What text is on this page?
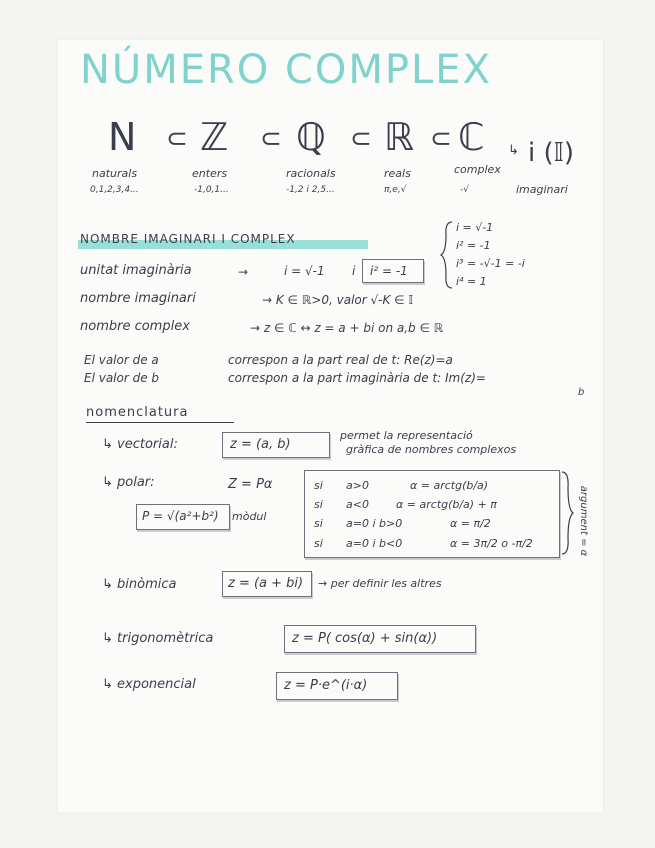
NÚMERO COMPLEX
N ⊂ ℤ ⊂ ℚ ⊂ ℝ ⊂ ℂ ↳ i (𝕀)
naturals	enters	racionals	reals	complex
imaginari
0,1,2,3,4...	-1,0,1...	-1,2 i 2,5...	π,e,√	-√
NOMBRE IMAGINARI I COMPLEX
i = √-1
i² = -1
i³ = -√-1 = -i
i⁴ = 1
unitat imaginària	→	i = √-1 i i² = -1
nombre imaginari	→ K ∈ ℝ>0, valor √-K ∈ 𝕀
nombre complex	→ z ∈ ℂ ↔ z = a + bi on a,b ∈ ℝ
El valor de a	correspon a la part real de t: Re(z)=a
El valor de b	correspon a la part imaginària de t: Im(z)=
b
nomenclatura
↳ vectorial:	z = (a, b)
permet la representació
gràfica de nombres complexos
↳ polar:	Z = Pα
P = √(a²+b²) mòdul
si a>0	α = arctg(b/a)
si a<0 α = arctg(b/a) + π
si a=0 i b>0	α = π/2
si a=0 i b<0	α = 3π/2 o -π/2	argument = α
↳ binòmica	z = (a + bi) → per definir les altres
↳ trigonomètrica	z = P( cos(α) + sin(α))
↳ exponencial	z = P·e^(i·α)
